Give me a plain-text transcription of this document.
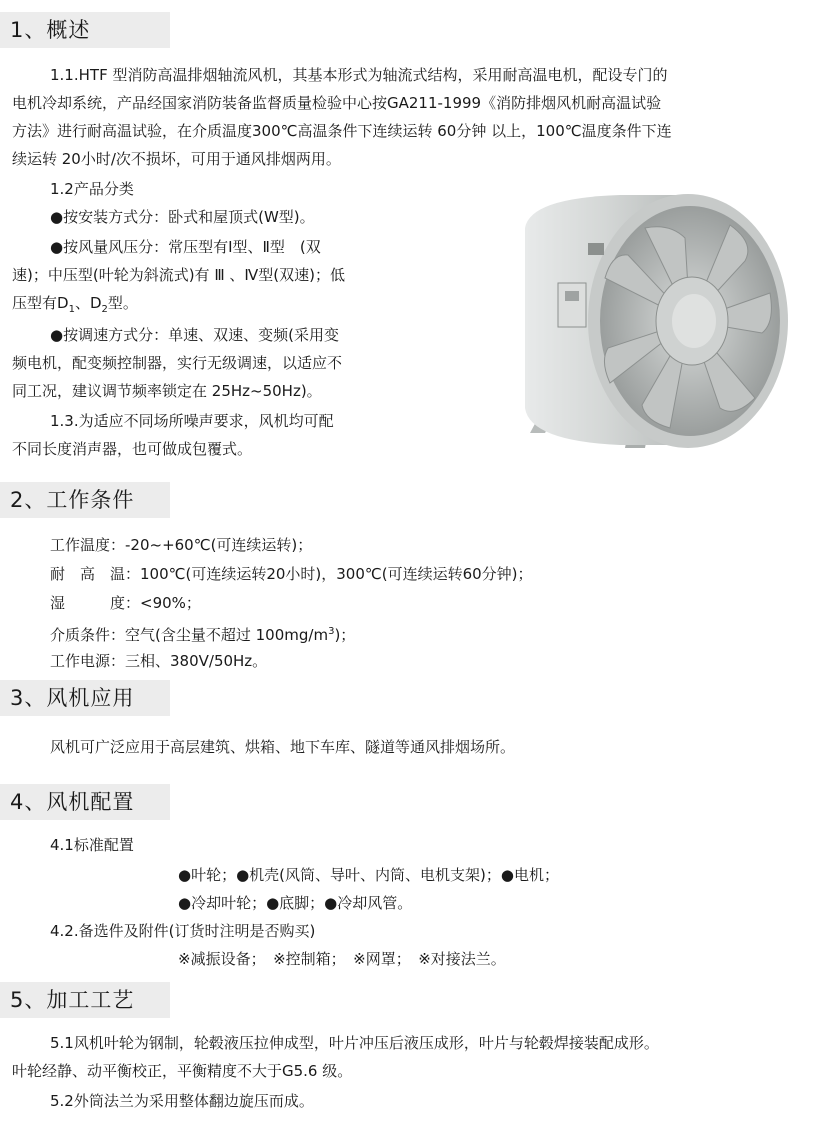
1、概述

1.1.HTF 型消防高温排烟轴流风机，其基本形式为轴流式结构，采用耐高温电机，配设专门的

电机冷却系统，产品经国家消防装备监督质量检验中心按GA211-1999《消防排烟风机耐高温试验

方法》进行耐高温试验，在介质温度300℃高温条件下连续运转 60分钟 以上，100℃温度条件下连

续运转 20小时/次不损坏，可用于通风排烟两用。

1.2产品分类

●按安装方式分：卧式和屋顶式(W型)。

●按风量风压分：常压型有Ⅰ型、Ⅱ型　(双

速)；中压型(叶轮为斜流式)有 Ⅲ 、Ⅳ型(双速)；低

压型有$D_1$、$D_2$型。

●按调速方式分：单速、双速、变频(采用变

频电机，配变频控制器，实行无级调速，以适应不

同工况，建议调节频率锁定在 25Hz~50Hz)。

1.3.为适应不同场所噪声要求，风机均可配

不同长度消声器，也可做成包覆式。

2、工作条件

工作温度：-20~+60℃(可连续运转)；

耐　高　温：100℃(可连续运转20小时)，300℃(可连续运转60分钟)；

湿　　　度：<90%；

介质条件：空气(含尘量不超过 $100mg/m^3$)；

工作电源：三相、380V/50Hz。

3、风机应用

风机可广泛应用于高层建筑、烘箱、地下车库、隧道等通风排烟场所。

4、风机配置

4.1标准配置

●叶轮；●机壳(风筒、导叶、内筒、电机支架)；●电机；

●冷却叶轮；●底脚；●冷却风管。

4.2.备选件及附件(订货时注明是否购买)

※减振设备；　※控制箱；　※网罩；　※对接法兰。

5、加工工艺

5.1风机叶轮为钢制，轮毂液压拉伸成型，叶片冲压后液压成形，叶片与轮毂焊接装配成形。

叶轮经静、动平衡校正，平衡精度不大于G5.6 级。

5.2外筒法兰为采用整体翻边旋压而成。
